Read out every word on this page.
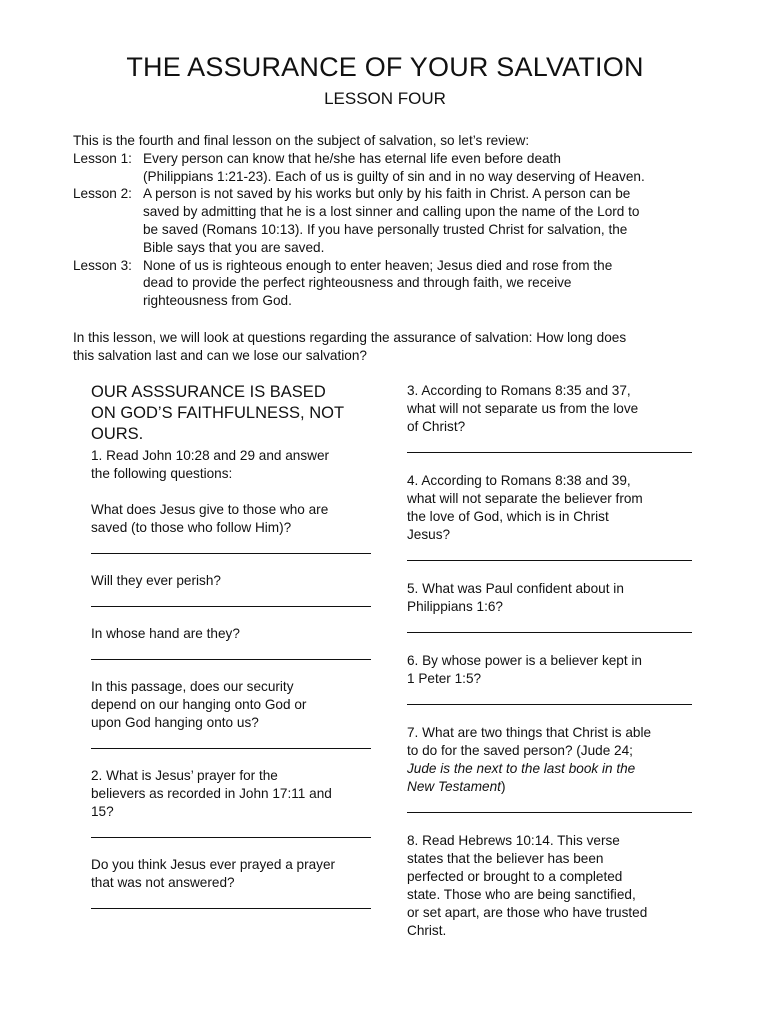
THE ASSURANCE OF YOUR SALVATION
LESSON FOUR
This is the fourth and final lesson on the subject of salvation, so let’s review:
Lesson 1: Every person can know that he/she has eternal life even before death
(Philippians 1:21-23). Each of us is guilty of sin and in no way deserving of Heaven.
Lesson 2: A person is not saved by his works but only by his faith in Christ. A person can be
saved by admitting that he is a lost sinner and calling upon the name of the Lord to
be saved (Romans 10:13). If you have personally trusted Christ for salvation, the
Bible says that you are saved.
Lesson 3: None of us is righteous enough to enter heaven; Jesus died and rose from the
dead to provide the perfect righteousness and through faith, we receive
righteousness from God.
In this lesson, we will look at questions regarding the assurance of salvation: How long does
this salvation last and can we lose our salvation?
OUR ASSSURANCE IS BASED
ON GOD’S FAITHFULNESS, NOT
OURS.
1. Read John 10:28 and 29 and answer
the following questions:
What does Jesus give to those who are
saved (to those who follow Him)?
Will they ever perish?
In whose hand are they?
In this passage, does our security
depend on our hanging onto God or
upon God hanging onto us?
2. What is Jesus’ prayer for the
believers as recorded in John 17:11 and
15?
Do you think Jesus ever prayed a prayer
that was not answered?
3. According to Romans 8:35 and 37,
what will not separate us from the love
of Christ?
4. According to Romans 8:38 and 39,
what will not separate the believer from
the love of God, which is in Christ
Jesus?
5. What was Paul confident about in
Philippians 1:6?
6. By whose power is a believer kept in
1 Peter 1:5?
7. What are two things that Christ is able
to do for the saved person? (Jude 24;
Jude is the next to the last book in the
New Testament)
8. Read Hebrews 10:14. This verse
states that the believer has been
perfected or brought to a completed
state. Those who are being sanctified,
or set apart, are those who have trusted
Christ.
